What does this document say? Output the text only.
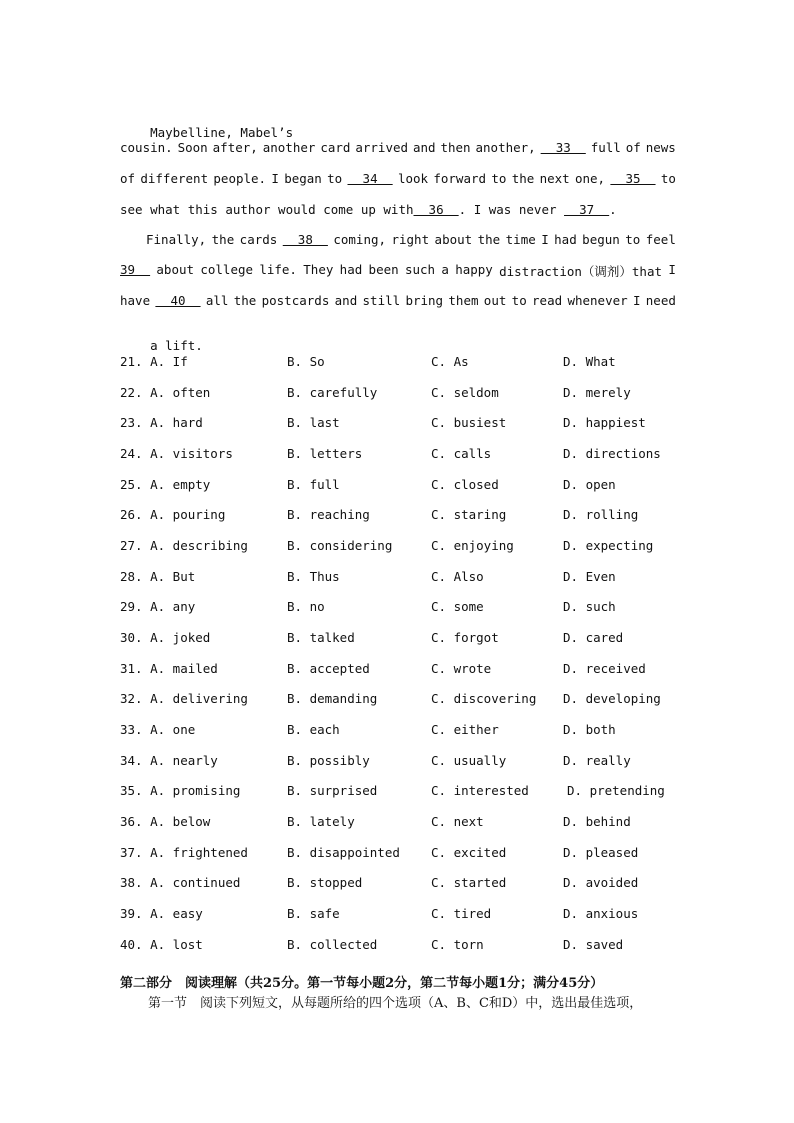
Maybelline, Mabel’s

cousin. Soon after, another card arrived and then another, 33 full of news
of different people. I began to 34 look forward to the next one, 35 to
see what this author would come up with  36  . I was never   37  .
Finally, the cards 38 coming, right about the time I had begun to feel
39 about college life. They had been such a happy distraction（调剂）that I
have 40 all the postcards and still bring them out to read whenever I need

a lift.

21. A. If	B. So	C. As	D. What
22. A. often	B. carefully	C. seldom	D. merely
23. A. hard	B. last	C. busiest	D. happiest
24. A. visitors	B. letters	C. calls	D. directions
25. A. empty	B. full	C. closed	D. open
26. A. pouring	B. reaching	C. staring	D. rolling
27. A. describing	B. considering	C. enjoying	D. expecting
28. A. But	B. Thus	C. Also	D. Even
29. A. any	B. no	C. some	D. such
30. A. joked	B. talked	C. forgot	D. cared
31. A. mailed	B. accepted	C. wrote	D. received
32. A. delivering	B. demanding	C. discovering D. developing
33. A. one	B. each	C. either	D. both
34. A. nearly	B. possibly	C. usually	D. really
35. A. promising	B. surprised	C. interested	D. pretending
36. A. below	B. lately	C. next	D. behind
37. A. frightened	B. disappointed C. excited	D. pleased
38. A. continued	B. stopped	C. started	D. avoided
39. A. easy	B. safe	C. tired	D. anxious
40. A. lost	B. collected	C. torn	D. saved
第二部分　阅读理解（共25分。第一节每小题2分，第二节每小题1分；满分45分）
第一节　阅读下列短文，从每题所给的四个选项（A、B、C和D）中，选出最佳选项，
